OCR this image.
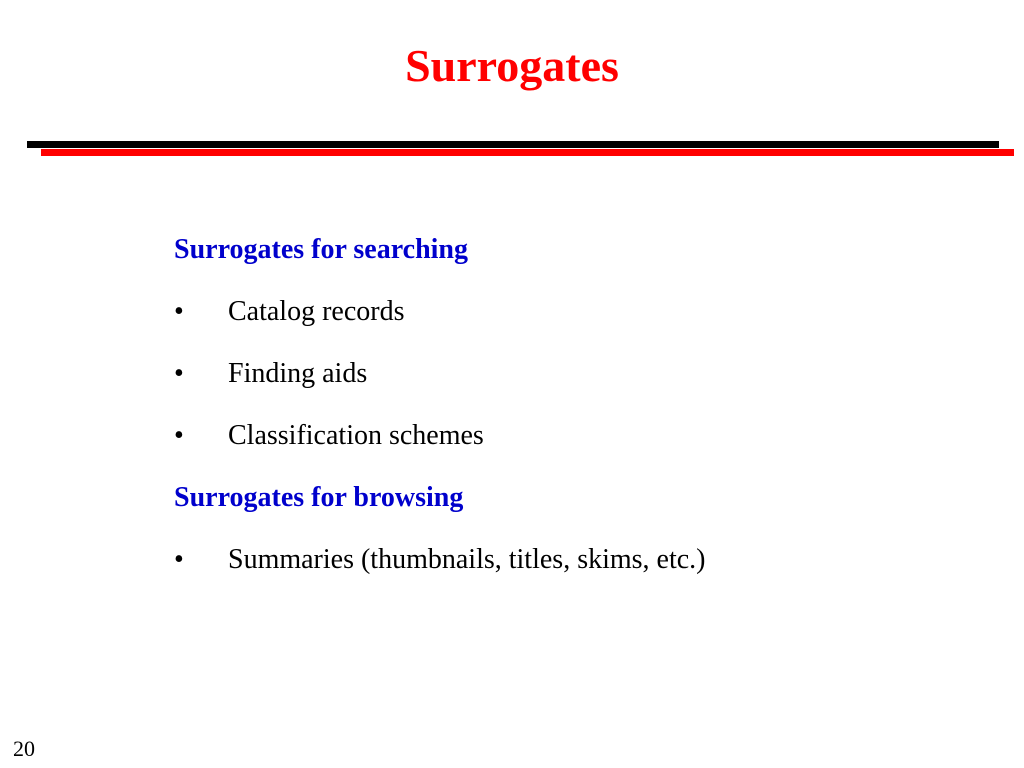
Surrogates
Surrogates for searching
•	Catalog records
•	Finding aids
•	Classification schemes
Surrogates for browsing
•	Summaries (thumbnails, titles, skims, etc.)
20
